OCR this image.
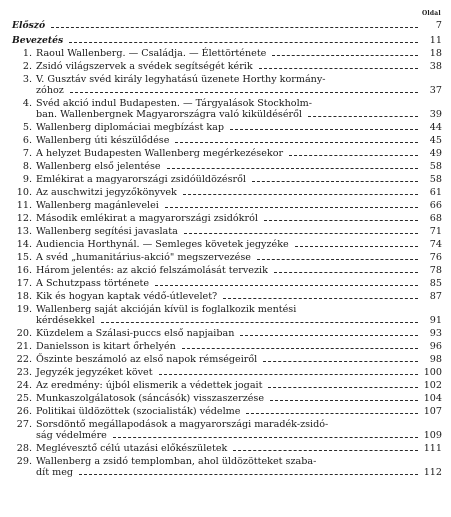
Oldal
Előszó	7
Bevezetés	11
1. Raoul Wallenberg. — Családja. — Élettörténete	18
2. Zsidó világszervek a svédek segítségét kérik	38
3. V. Gusztáv svéd király legyhatású üzenete Horthy kormány-
zóhoz	37
4. Svéd akció indul Budapesten. — Tárgyalások Stockholm-
ban. Wallenbergnek Magyarországra való kiküldéséről	39
5. Wallenberg diplomáciai megbízást kap	44
6. Wallenberg úti készülődése	45
7. A helyzet Budapesten Wallenberg megérkezésekor	49
8. Wallenberg első jelentése	58
9. Emlékirat a magyarországi zsidóüldözésről	58
10. Az auschwitzi jegyzőkönyvek	61
11. Wallenberg magánlevelei	66
12. Második emlékirat a magyarországi zsidókról	68
13. Wallenberg segítési javaslata	71
14. Audiencia Horthynál. — Semleges követek jegyzéke	74
15. A svéd „humanitárius-akció" megszervezése	76
16. Három jelentés: az akció felszámolását tervezik	78
17. A Schutzpass története	85
18. Kik és hogyan kaptak védő-útlevelet?	87
19. Wallenberg saját akcióján kívül is foglalkozik mentési
kérdésekkel	91
20. Küzdelem a Szálasi-puccs első napjaiban	93
21. Danielsson is kitart őrhelyén	96
22. Őszinte beszámoló az első napok rémségeiről	98
23. Jegyzék jegyzéket követ	100
24. Az eredmény: újból elismerik a védettek jogait	102
25. Munkaszolgálatosok (sáncásók) visszaszerzése	104
26. Politikai üldözöttek (szocialisták) védelme	107
27. Sorsdöntő megállapodások a magyarországi maradék-zsidó-
ság védelmére	109
28. Meglévesztő célú utazási előkészületek	111
29. Wallenberg a zsidó templomban, ahol üldözötteket szaba-
dít meg	112
